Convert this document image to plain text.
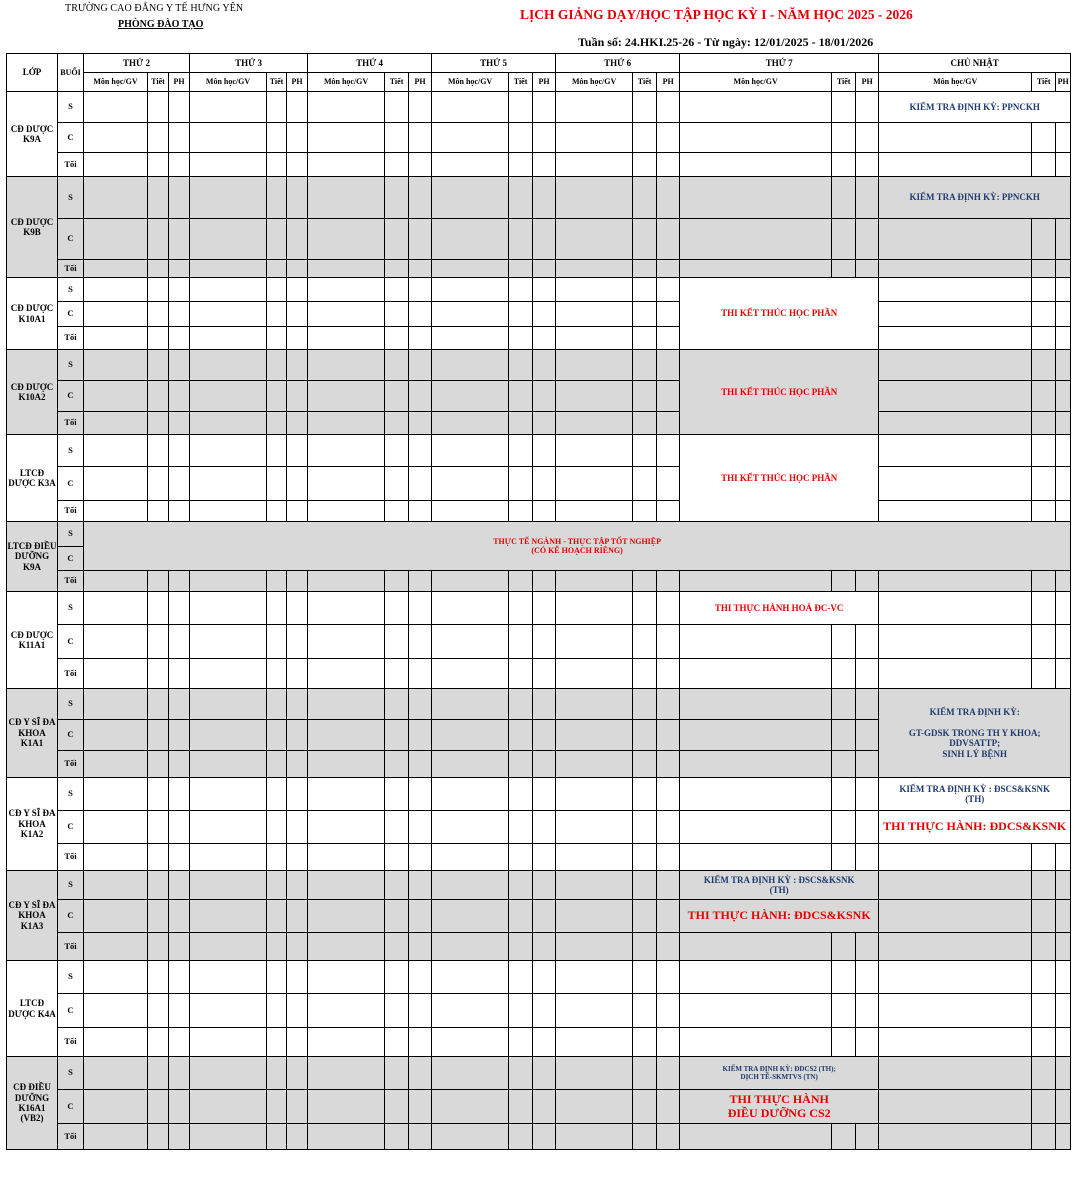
TRƯỜNG CAO ĐẲNG Y TẾ HƯNG YÊN
PHÒNG ĐÀO TẠO
LỊCH GIẢNG DẠY/HỌC TẬP HỌC KỲ I - NĂM HỌC 2025 - 2026
Tuần số: 24.HKI.25-26 - Từ ngày: 12/01/2025 - 18/01/2026
LỚP	BUỔI	THỨ 2			THỨ 3			THỨ 4			THỨ 5			THỨ 6			THỨ 7			CHỦ NHẬT		
		Môn học/GV	Tiết	PH	Môn học/GV	Tiết	PH	Môn học/GV	Tiết	PH	Môn học/GV	Tiết	PH	Môn học/GV	Tiết	PH	Môn học/GV	Tiết	PH	Môn học/GV	Tiết	PH
CĐ DƯỢC K9A	S																			KIỂM TRA ĐỊNH KỲ: PPNCKH		
	C																					
	Tối																					
CĐ DƯỢC K9B	S																			KIỂM TRA ĐỊNH KỲ: PPNCKH		
	C																					
	Tối																					
CĐ DƯỢC K10A1	S																THI KẾT THÚC HỌC PHẦN					
	C																					
	Tối																					
CĐ DƯỢC K10A2	S																THI KẾT THÚC HỌC PHẦN					
	C																					
	Tối																					
LTCĐ DƯỢC K3A	S																THI KẾT THÚC HỌC PHẦN					
	C																					
	Tối																					
LTCĐ ĐIỀU DƯỠNG K9A	S	THỰC TẾ NGÀNH - THỰC TẬP TỐT NGHIỆP
(CÓ KẾ HOẠCH RIÊNG)																				
	C																					
	Tối																					
CĐ DƯỢC K11A1	S																THI THỰC HÀNH HOÁ ĐC-VC					
	C																					
	Tối																					
CĐ Y SĨ ĐA KHOA K1A1	S																			KIỂM TRA ĐỊNH KỲ:

GT-GDSK TRONG TH Y KHOA;
DDVSATTP;
SINH LÝ BỆNH		
	C																					
	Tối																					
CĐ Y SĨ ĐA KHOA K1A2	S																			KIỂM TRA ĐỊNH KỲ : ĐSCS&KSNK
(TH)		
	C																			THI THỰC HÀNH: ĐDCS&KSNK		
	Tối																					
CĐ Y SĨ ĐA KHOA K1A3	S																KIỂM TRA ĐỊNH KỲ : ĐSCS&KSNK
(TH)					
	C																THI THỰC HÀNH: ĐDCS&KSNK					
	Tối																					
LTCĐ DƯỢC K4A	S																					
	C																					
	Tối																					
CĐ ĐIỀU DƯỠNG K16A1 (VB2)	S																KIỂM TRA ĐỊNH KỲ: ĐDCS2 (TH);
DỊCH TỄ-SKMTVS (TN)					
	C																THI THỰC HÀNH
ĐIỀU DƯỠNG CS2					
	Tối																					
